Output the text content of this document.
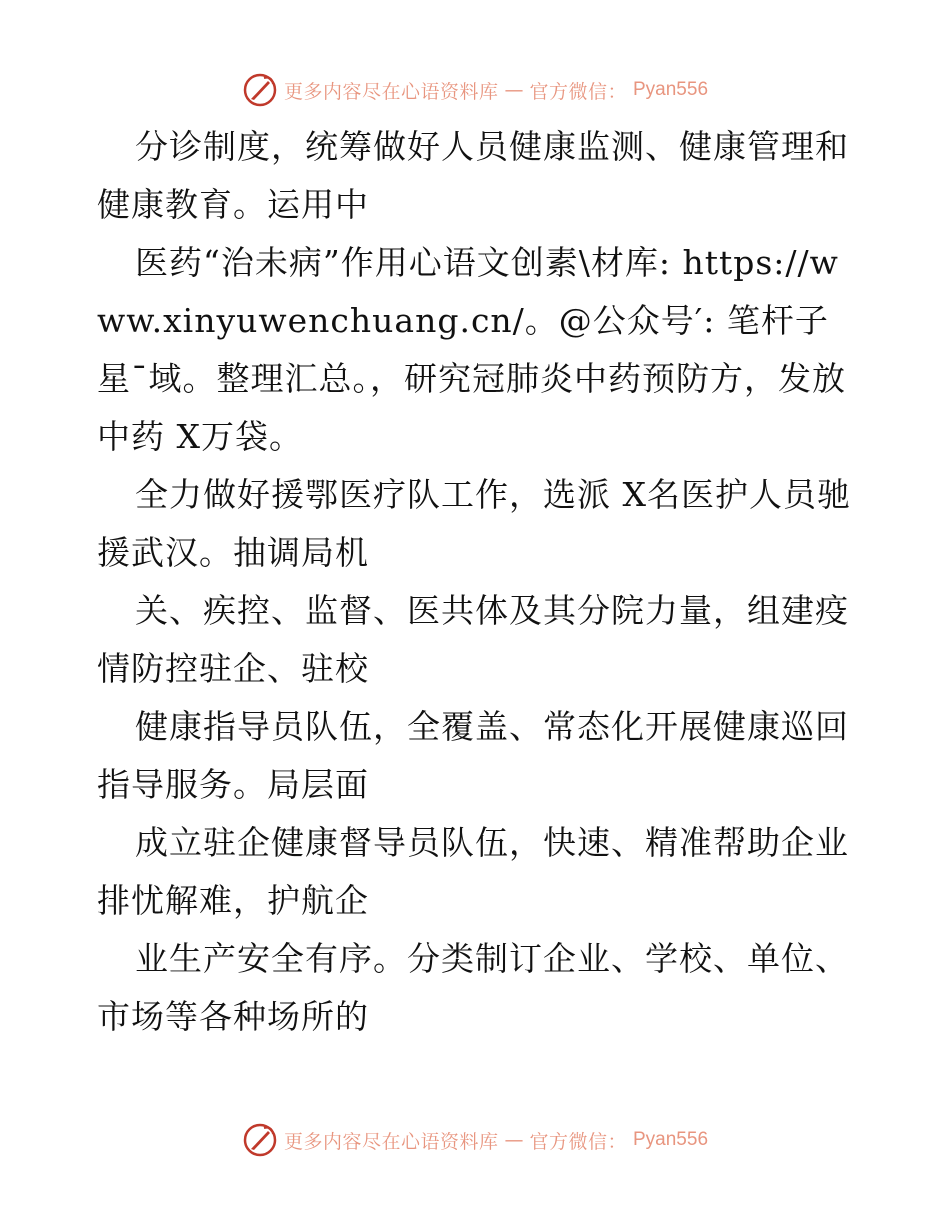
更多内容尽在心语资料库 — 官方微信： Pyan556

分诊制度，统筹做好人员健康监测、健康管理和健康教育。运用中

医药“治未病”作用心语文创素\材库: https://www.xinyuwenchuang.cn/。@公众号′: 笔杆子星¯域。整理汇总。，研究冠肺炎中药预防方，发放中药 X万袋。

全力做好援鄂医疗队工作，选派 X名医护人员驰援武汉。抽调局机

关、疾控、监督、医共体及其分院力量，组建疫情防控驻企、驻校

健康指导员队伍，全覆盖、常态化开展健康巡回指导服务。局层面

成立驻企健康督导员队伍，快速、精准帮助企业排忧解难，护航企

业生产安全有序。分类制订企业、学校、单位、市场等各种场所的

更多内容尽在心语资料库 — 官方微信： Pyan556
